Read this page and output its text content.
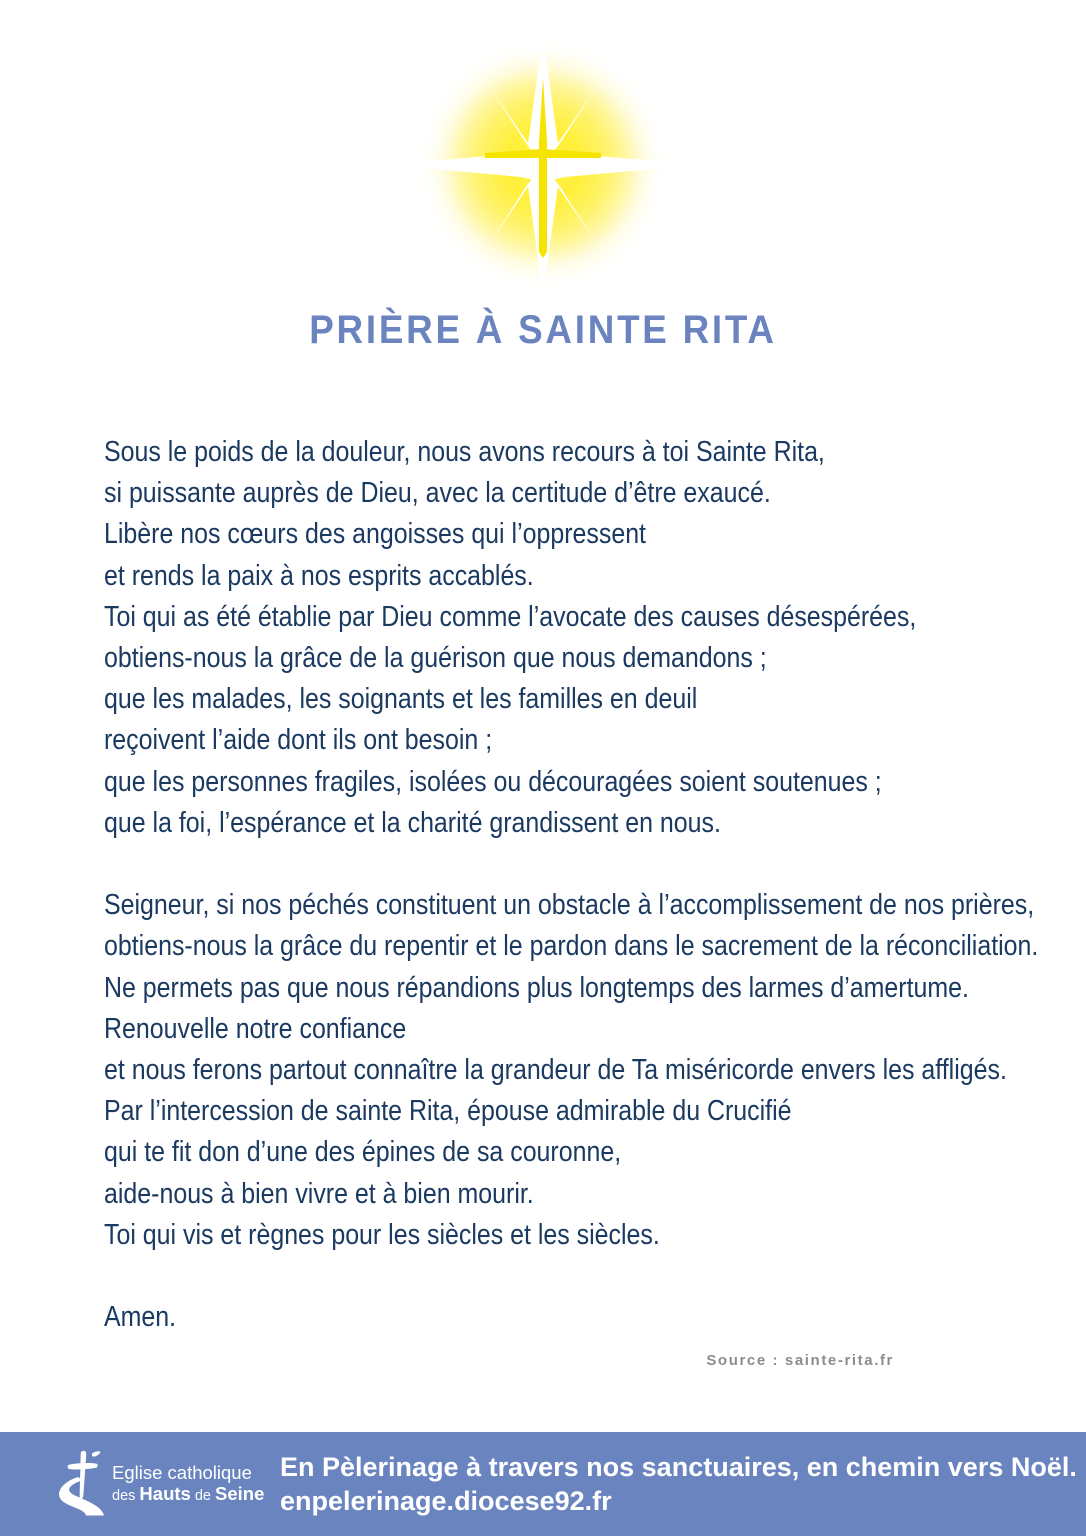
PRIÈRE À SAINTE RITA
Sous le poids de la douleur, nous avons recours à toi Sainte Rita,
si puissante auprès de Dieu, avec la certitude d’être exaucé.
Libère nos cœurs des angoisses qui l’oppressent
et rends la paix à nos esprits accablés.
Toi qui as été établie par Dieu comme l’avocate des causes désespérées,
obtiens-nous la grâce de la guérison que nous demandons ;
que les malades, les soignants et les familles en deuil
reçoivent l’aide dont ils ont besoin ;
que les personnes fragiles, isolées ou découragées soient soutenues ;
que la foi, l’espérance et la charité grandissent en nous.
Seigneur, si nos péchés constituent un obstacle à l’accomplissement de nos prières,
obtiens-nous la grâce du repentir et le pardon dans le sacrement de la réconciliation.
Ne permets pas que nous répandions plus longtemps des larmes d’amertume.
Renouvelle notre confiance
et nous ferons partout connaître la grandeur de Ta miséricorde envers les affligés.
Par l’intercession de sainte Rita, épouse admirable du Crucifié
qui te fit don d’une des épines de sa couronne,
aide-nous à bien vivre et à bien mourir.
Toi qui vis et règnes pour les siècles et les siècles.
Amen.
Source : sainte-rita.fr
Eglise catholique
des Hauts de Seine
En Pèlerinage à travers nos sanctuaires, en chemin vers Noël.
enpelerinage.diocese92.fr
